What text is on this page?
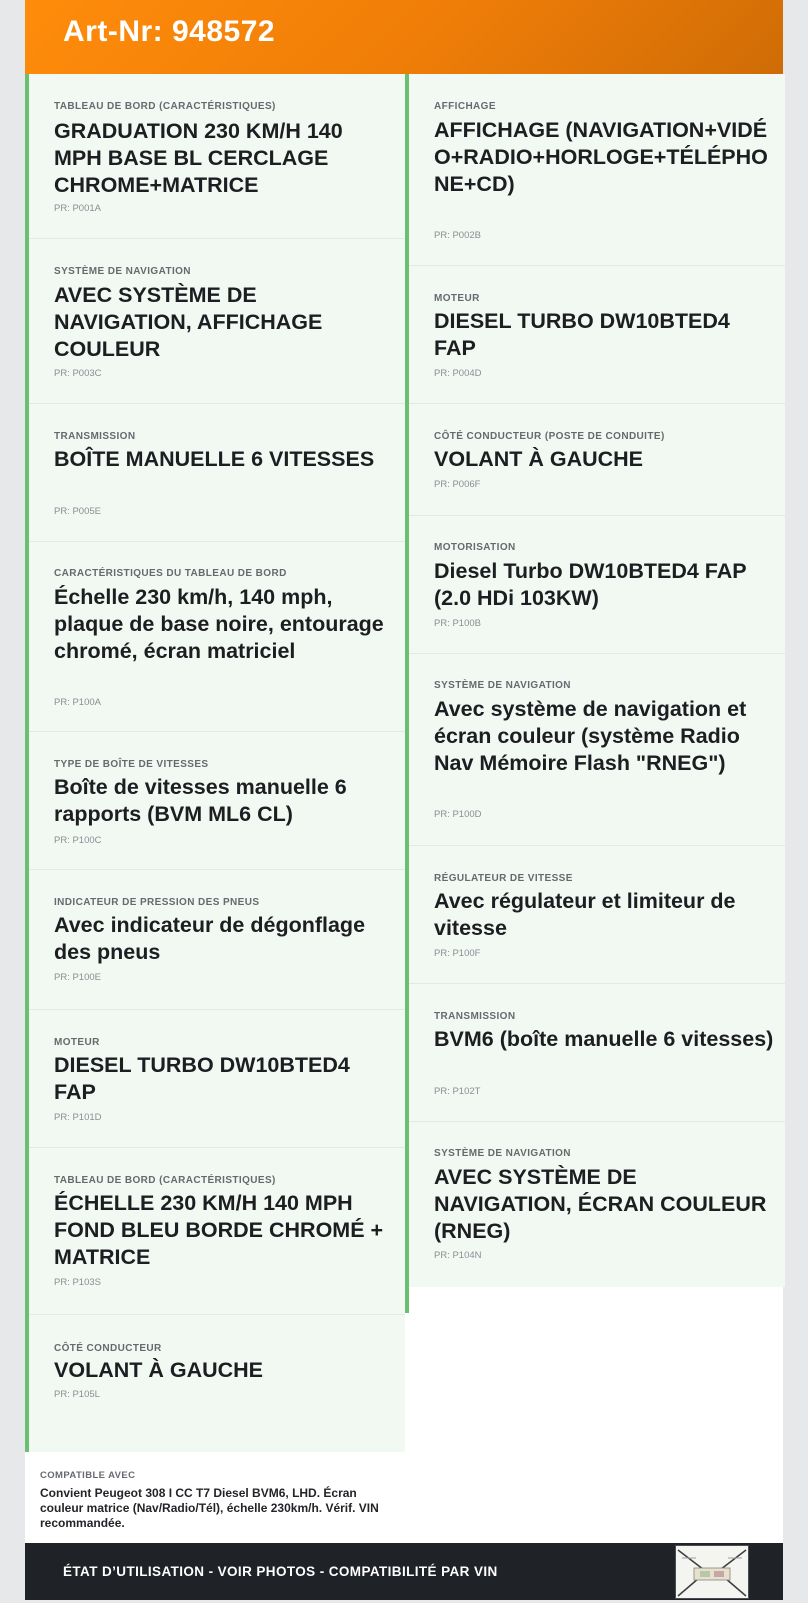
Art-Nr: 948572
TABLEAU DE BORD (CARACTÉRISTIQUES)
GRADUATION 230 KM/H 140 MPH BASE BL CERCLAGE CHROME+MATRICE
PR: P001A
SYSTÈME DE NAVIGATION
AVEC SYSTÈME DE NAVIGATION, AFFICHAGE COULEUR
PR: P003C
TRANSMISSION
BOÎTE MANUELLE 6 VITESSES
PR: P005E
CARACTÉRISTIQUES DU TABLEAU DE BORD
Échelle 230 km/h, 140 mph, plaque de base noire, entourage chromé, écran matriciel
PR: P100A
TYPE DE BOÎTE DE VITESSES
Boîte de vitesses manuelle 6 rapports (BVM ML6 CL)
PR: P100C
INDICATEUR DE PRESSION DES PNEUS
Avec indicateur de dégonflage des pneus
PR: P100E
MOTEUR
DIESEL TURBO DW10BTED4 FAP
PR: P101D
TABLEAU DE BORD (CARACTÉRISTIQUES)
ÉCHELLE 230 KM/H 140 MPH FOND BLEU BORDE CHROMÉ + MATRICE
PR: P103S
CÔTÉ CONDUCTEUR
VOLANT À GAUCHE
PR: P105L
AFFICHAGE
AFFICHAGE (NAVIGATION+VIDÉO+RADIO+HORLOGE+TÉLÉPHONE+CD)
PR: P002B
MOTEUR
DIESEL TURBO DW10BTED4 FAP
PR: P004D
CÔTÉ CONDUCTEUR (POSTE DE CONDUITE)
VOLANT À GAUCHE
PR: P006F
MOTORISATION
Diesel Turbo DW10BTED4 FAP (2.0 HDi 103KW)
PR: P100B
SYSTÈME DE NAVIGATION
Avec système de navigation et écran couleur (système Radio Nav Mémoire Flash "RNEG")
PR: P100D
RÉGULATEUR DE VITESSE
Avec régulateur et limiteur de vitesse
PR: P100F
TRANSMISSION
BVM6 (boîte manuelle 6 vitesses)
PR: P102T
SYSTÈME DE NAVIGATION
AVEC SYSTÈME DE NAVIGATION, ÉCRAN COULEUR (RNEG)
PR: P104N
COMPATIBLE AVEC
Convient Peugeot 308 I CC T7 Diesel BVM6, LHD. Écran couleur matrice (Nav/Radio/Tél), échelle 230km/h. Vérif. VIN recommandée.
ÉTAT D’UTILISATION - VOIR PHOTOS - COMPATIBILITÉ PAR VIN
